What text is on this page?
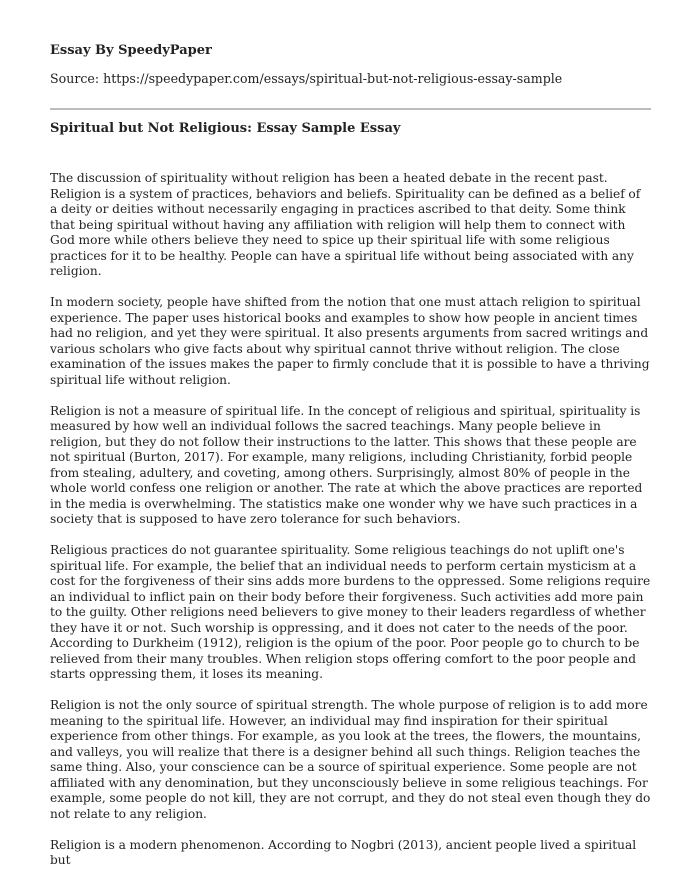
Essay By SpeedyPaper
Source: https://speedypaper.com/essays/spiritual-but-not-religious-essay-sample
Spiritual but Not Religious: Essay Sample Essay

The discussion of spirituality without religion has been a heated debate in the recent past. Religion is a system of practices, behaviors and beliefs. Spirituality can be defined as a belief of a deity or deities without necessarily engaging in practices ascribed to that deity. Some think that being spiritual without having any affiliation with religion will help them to connect with God more while others believe they need to spice up their spiritual life with some religious practices for it to be healthy. People can have a spiritual life without being associated with any religion.

In modern society, people have shifted from the notion that one must attach religion to spiritual experience. The paper uses historical books and examples to show how people in ancient times had no religion, and yet they were spiritual. It also presents arguments from sacred writings and various scholars who give facts about why spiritual cannot thrive without religion. The close examination of the issues makes the paper to firmly conclude that it is possible to have a thriving spiritual life without religion.

Religion is not a measure of spiritual life. In the concept of religious and spiritual, spirituality is measured by how well an individual follows the sacred teachings. Many people believe in religion, but they do not follow their instructions to the latter. This shows that these people are not spiritual (Burton, 2017). For example, many religions, including Christianity, forbid people from stealing, adultery, and coveting, among others. Surprisingly, almost 80% of people in the whole world confess one religion or another. The rate at which the above practices are reported in the media is overwhelming. The statistics make one wonder why we have such practices in a society that is supposed to have zero tolerance for such behaviors.

Religious practices do not guarantee spirituality. Some religious teachings do not uplift one's spiritual life. For example, the belief that an individual needs to perform certain mysticism at a cost for the forgiveness of their sins adds more burdens to the oppressed. Some religions require an individual to inflict pain on their body before their forgiveness. Such activities add more pain to the guilty. Other religions need believers to give money to their leaders regardless of whether they have it or not. Such worship is oppressing, and it does not cater to the needs of the poor. According to Durkheim (1912), religion is the opium of the poor. Poor people go to church to be relieved from their many troubles. When religion stops offering comfort to the poor people and starts oppressing them, it loses its meaning.

Religion is not the only source of spiritual strength. The whole purpose of religion is to add more meaning to the spiritual life. However, an individual may find inspiration for their spiritual experience from other things. For example, as you look at the trees, the flowers, the mountains, and valleys, you will realize that there is a designer behind all such things. Religion teaches the same thing. Also, your conscience can be a source of spiritual experience. Some people are not affiliated with any denomination, but they unconsciously believe in some religious teachings. For example, some people do not kill, they are not corrupt, and they do not steal even though they do not relate to any religion.

Religion is a modern phenomenon. According to Nogbri (2013), ancient people lived a spiritual but
